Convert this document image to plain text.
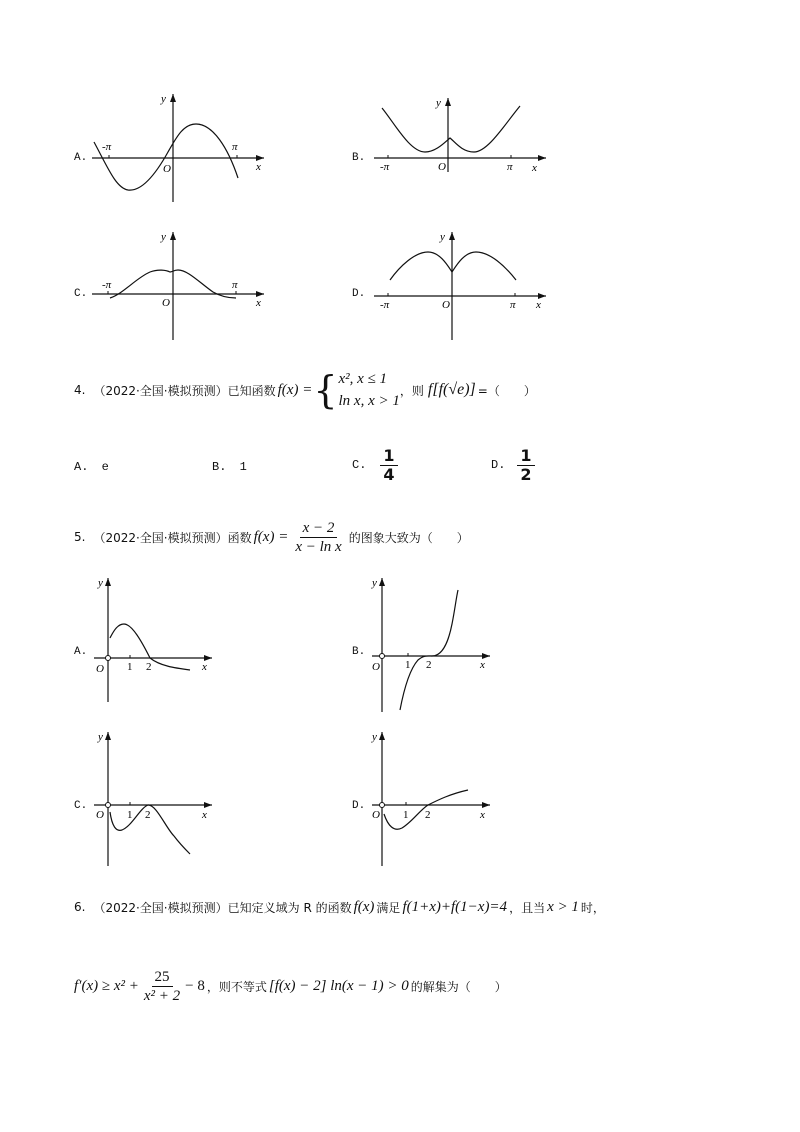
A.
-π	π
O	x
y
B.
-π	π
O	x
y
C.
-π	π
O	x
y
D.
-π	π
O	x
y
4. （2022·全国·模拟预测） 已知函数 f(x) = { x², x ≤ 1
ln x, x > 1
，则 f[f(√e)] =（　　）
A. e	B. 1	C. $\frac{1}{4}$	D. $\frac{1}{2}$
5. （2022·全国·模拟预测） 函数 $f(x) = \frac{x - 2}{\text{x − ln x}}$ 的图象大致为（　　）
A.
O 1 2	x
y
B.
O 1 2	x
y
C.
O 1 2	x
y
D.
O 1 2	x
y
6. （2022·全国·模拟预测） 已知定义域为 R 的函数 f(x) 满足 f(1+x)+f(1−x)=4 ，且当 x > 1 时，
$f'(x) \ge x^2 + \frac{25}{\text{x² + 2}} - 8$ ，则不等式 [f(x) − 2] ln(x − 1) > 0 的解集为（　　）
